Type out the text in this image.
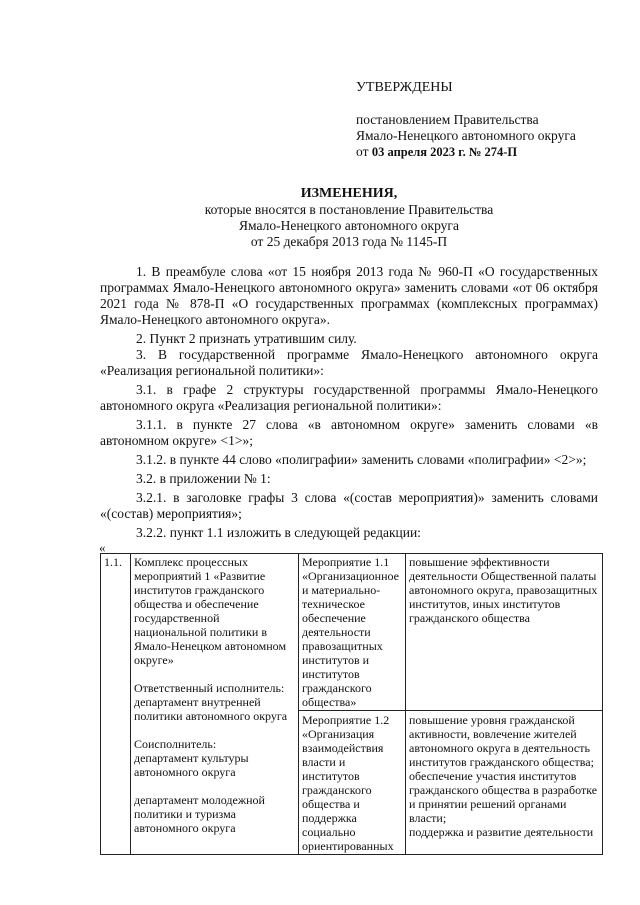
УТВЕРЖДЕНЫ
постановлением Правительства
Ямало-Ненецкого автономного округа
от 03 апреля 2023 г. № 274-П
ИЗМЕНЕНИЯ,
которые вносятся в постановление Правительства
Ямало-Ненецкого автономного округа
от 25 декабря 2013 года № 1145-П

1. В преамбуле слова «от 15 ноября 2013 года № 960-П «О государственных программах Ямало-Ненецкого автономного округа» заменить словами «от 06 октября 2021 года № 878-П «О государственных программах (комплексных программах) Ямало-Ненецкого автономного округа».

2. Пункт 2 признать утратившим силу.

3. В государственной программе Ямало-Ненецкого автономного округа «Реализация региональной политики»:

3.1. в графе 2 структуры государственной программы Ямало-Ненецкого автономного округа «Реализация региональной политики»:

3.1.1. в пункте 27 слова «в автономном округе» заменить словами «в автономном округе» <1>»;

3.1.2. в пункте 44 слово «полиграфии» заменить словами «полиграфии» <2>»;

3.2. в приложении № 1:

3.2.1. в заголовке графы 3 слова «(состав мероприятия)» заменить словами «(состав) мероприятия»;

3.2.2. пункт 1.1 изложить в следующей редакции:

«
1.1.	Комплекс процессных мероприятий 1 «Развитие институтов гражданского общества и обеспечение государственной национальной политики в Ямало-Ненецком автономном округе»
Ответственный исполнитель: департамент внутренней политики автономного округа
Соисполнитель:
департамент культуры автономного округа
департамент молодежной политики и туризма автономного округа	Мероприятие 1.1 «Организационное и материально-техническое обеспечение деятельности правозащитных институтов и институтов гражданского общества»	повышение эффективности деятельности Общественной палаты автономного округа, правозащитных институтов, иных институтов гражданского общества
		Мероприятие 1.2 «Организация взаимодействия власти и институтов гражданского общества и поддержка социально ориентированных	повышение уровня гражданской активности, вовлечение жителей автономного округа в деятельность институтов гражданского общества;
обеспечение участия институтов гражданского общества в разработке и принятии решений органами власти;
поддержка и развитие деятельности
